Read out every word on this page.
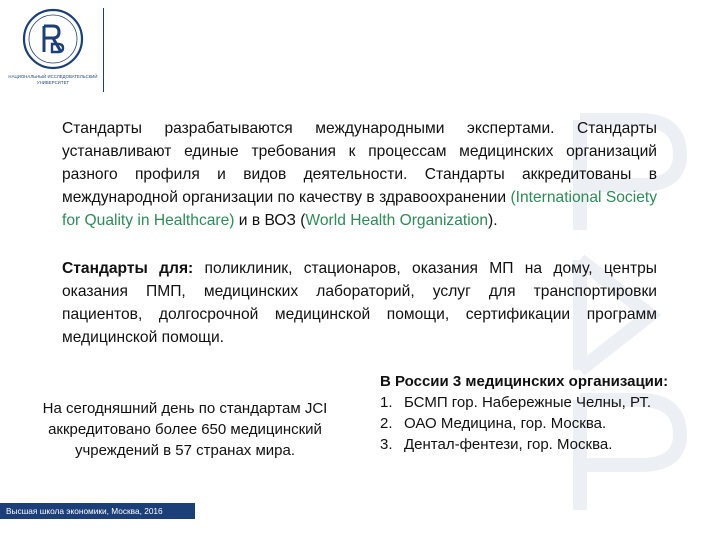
НАЦИОНАЛЬНЫЙ ИССЛЕДОВАТЕЛЬСКИЙ
УНИВЕРСИТЕТ

Стандарты разрабатываются международными экспертами. Стандарты устанавливают единые требования к процессам медицинских организаций разного профиля и видов деятельности. Стандарты аккредитованы в международной организации по качеству в здравоохранении (International Society for Quality in Healthcare) и в ВОЗ (World Health Organization).

Стандарты для: поликлиник, стационаров, оказания МП на дому, центры оказания ПМП, медицинских лабораторий, услуг для транспортировки пациентов, долгосрочной медицинской помощи, сертификации программ медицинской помощи.

На сегодняшний день по стандартам JCI аккредитовано более 650 медицинский учреждений в 57 странах мира.
В России 3 медицинских организации:
1. БСМП гор. Набережные Челны, РТ.
2. ОАО Медицина, гор. Москва.
3. Дентал-фентези, гор. Москва.
Высшая школа экономики, Москва, 2016
